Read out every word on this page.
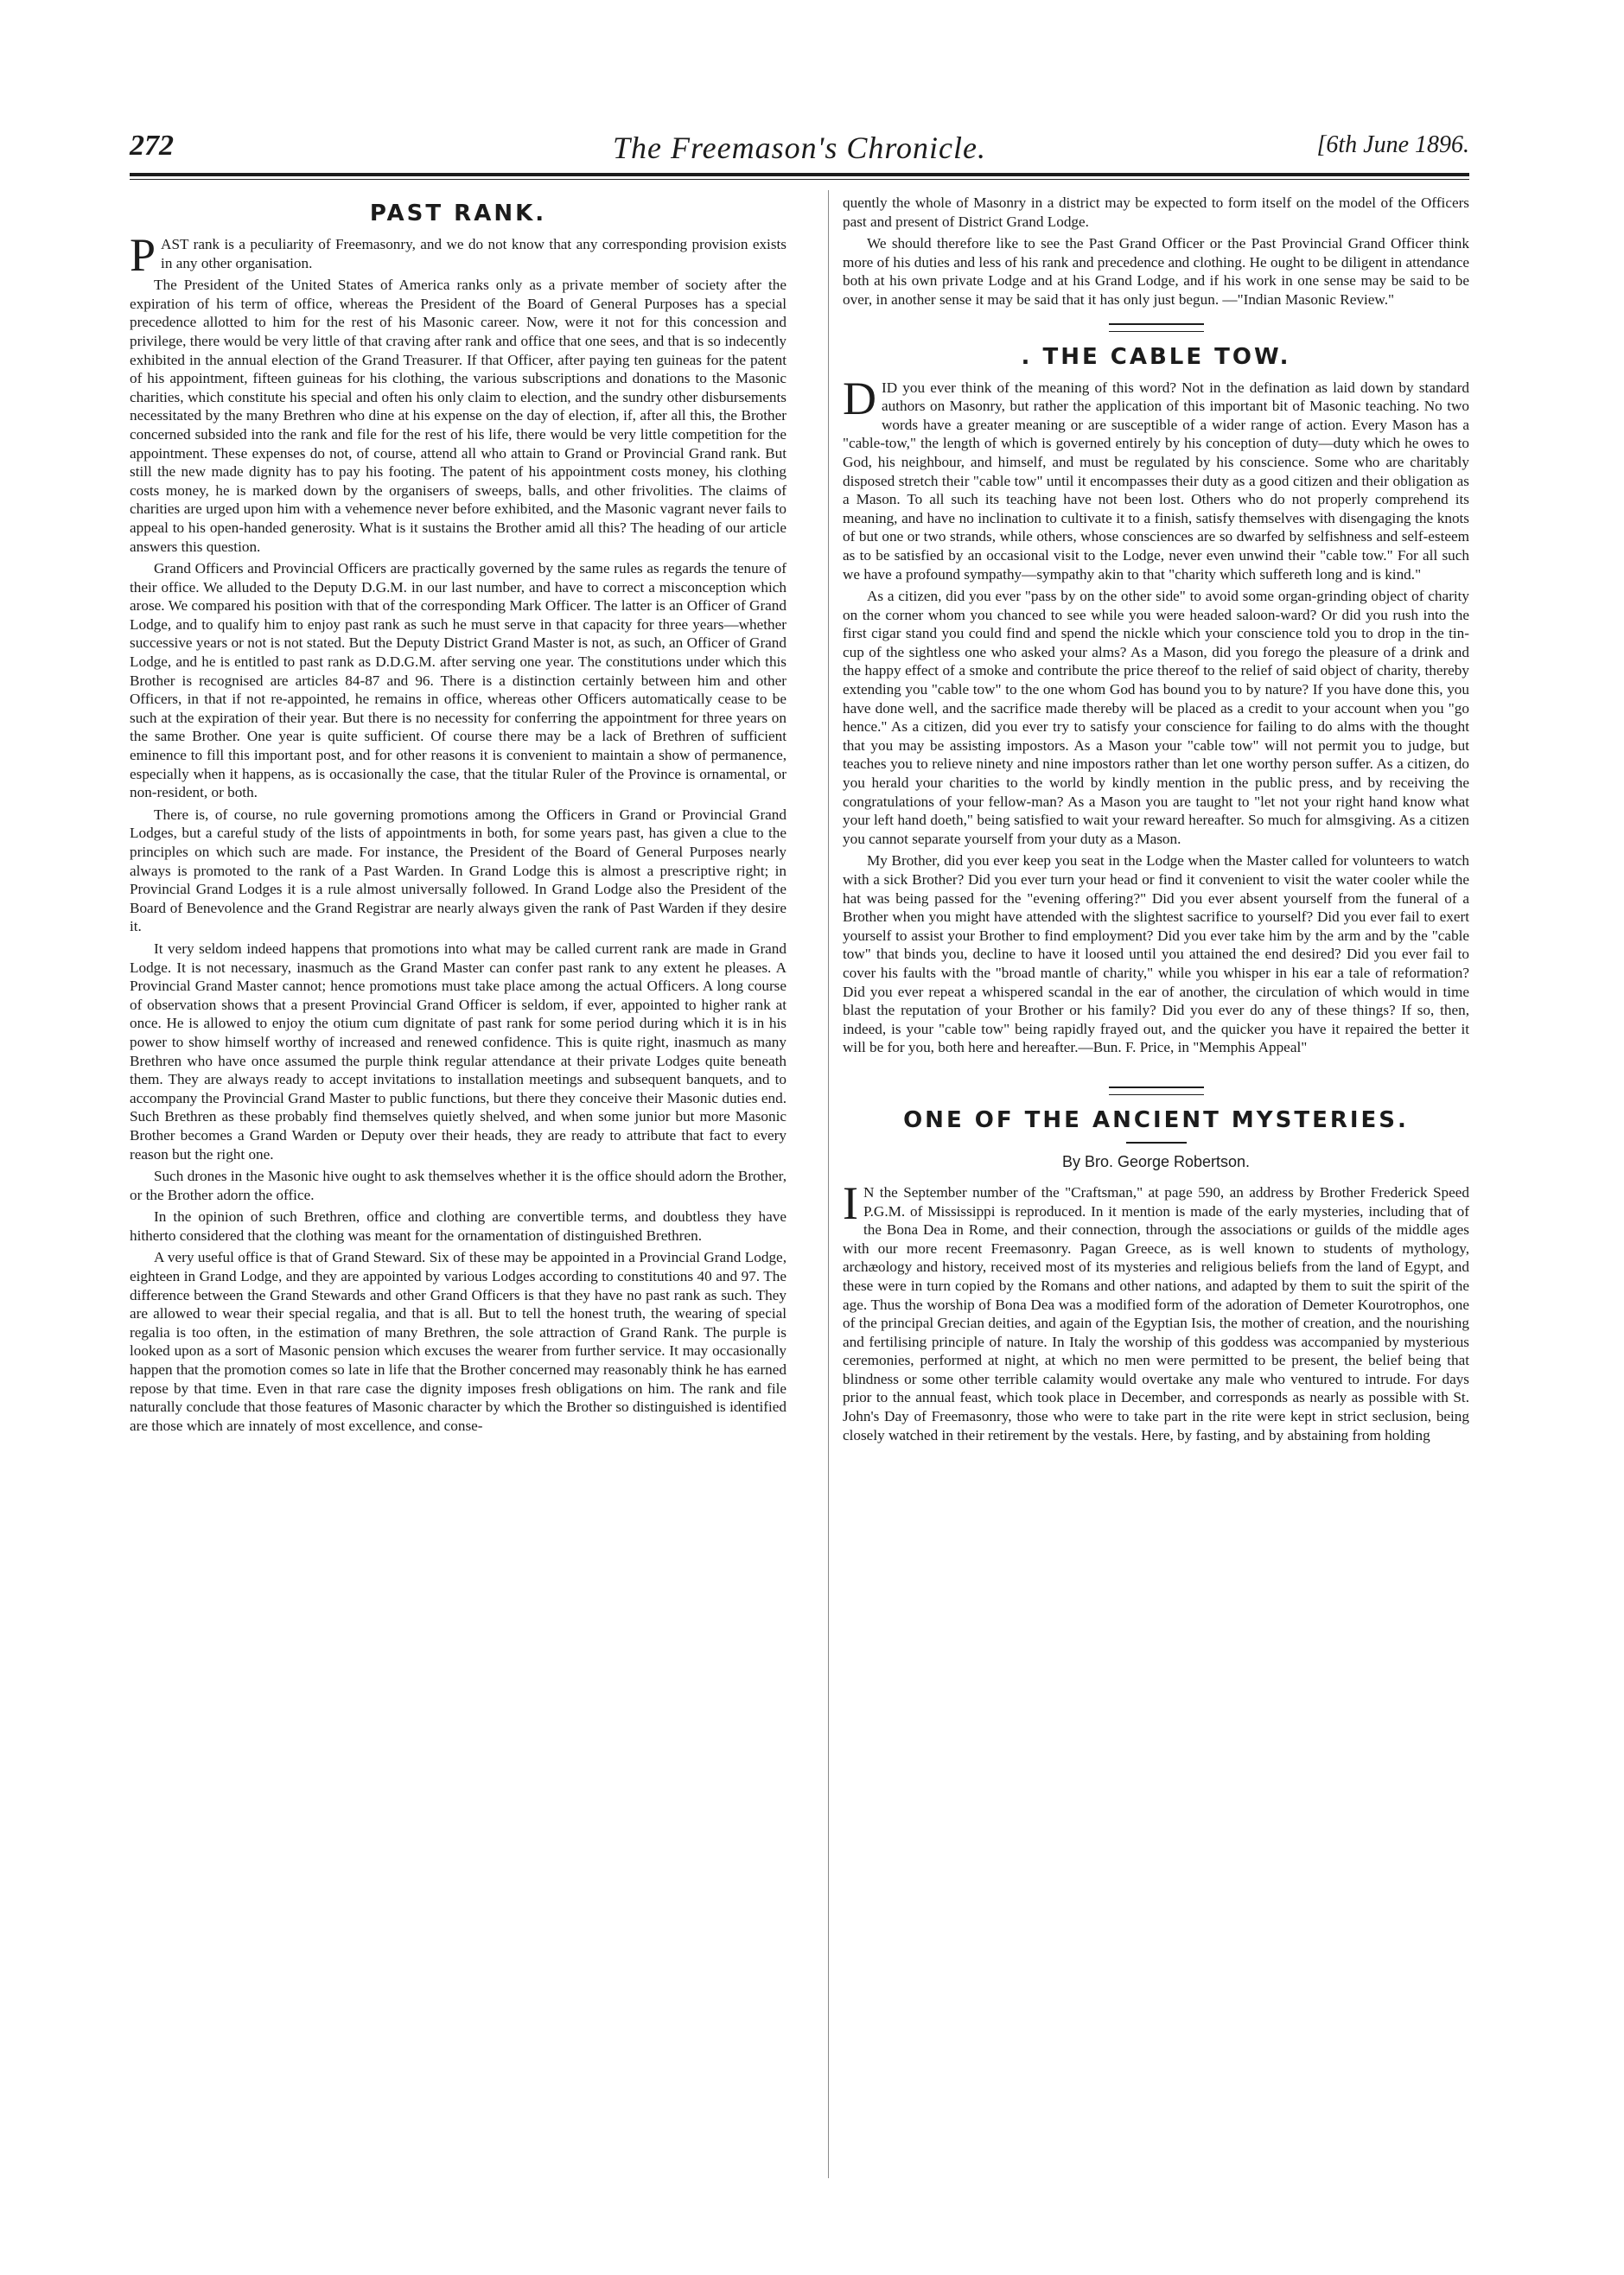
272	The Freemason's Chronicle.	[6th June 1896.
PAST RANK.

PAST rank is a peculiarity of Freemasonry, and we do not know that any corresponding provision exists in any other organisation.

The President of the United States of America ranks only as a private member of society after the expiration of his term of office, whereas the President of the Board of General Purposes has a special precedence allotted to him for the rest of his Masonic career. Now, were it not for this concession and privilege, there would be very little of that craving after rank and office that one sees, and that is so indecently exhibited in the annual election of the Grand Treasurer. If that Officer, after paying ten guineas for the patent of his appointment, fifteen guineas for his clothing, the various subscriptions and donations to the Masonic charities, which constitute his special and often his only claim to election, and the sundry other disbursements necessitated by the many Brethren who dine at his expense on the day of election, if, after all this, the Brother concerned subsided into the rank and file for the rest of his life, there would be very little competition for the appointment. These expenses do not, of course, attend all who attain to Grand or Provincial Grand rank. But still the new made dignity has to pay his footing. The patent of his appointment costs money, his clothing costs money, he is marked down by the organisers of sweeps, balls, and other frivolities. The claims of charities are urged upon him with a vehemence never before exhibited, and the Masonic vagrant never fails to appeal to his open-handed generosity. What is it sustains the Brother amid all this? The heading of our article answers this question.

Grand Officers and Provincial Officers are practically governed by the same rules as regards the tenure of their office. We alluded to the Deputy D.G.M. in our last number, and have to correct a misconception which arose. We compared his position with that of the corresponding Mark Officer. The latter is an Officer of Grand Lodge, and to qualify him to enjoy past rank as such he must serve in that capacity for three years—whether successive years or not is not stated. But the Deputy District Grand Master is not, as such, an Officer of Grand Lodge, and he is entitled to past rank as D.D.G.M. after serving one year. The constitutions under which this Brother is recognised are articles 84-87 and 96. There is a distinction certainly between him and other Officers, in that if not re-appointed, he remains in office, whereas other Officers automatically cease to be such at the expiration of their year. But there is no necessity for conferring the appointment for three years on the same Brother. One year is quite sufficient. Of course there may be a lack of Brethren of sufficient eminence to fill this important post, and for other reasons it is convenient to maintain a show of permanence, especially when it happens, as is occasionally the case, that the titular Ruler of the Province is ornamental, or non-resident, or both.

There is, of course, no rule governing promotions among the Officers in Grand or Provincial Grand Lodges, but a careful study of the lists of appointments in both, for some years past, has given a clue to the principles on which such are made. For instance, the President of the Board of General Purposes nearly always is promoted to the rank of a Past Warden. In Grand Lodge this is almost a prescriptive right; in Provincial Grand Lodges it is a rule almost universally followed. In Grand Lodge also the President of the Board of Benevolence and the Grand Registrar are nearly always given the rank of Past Warden if they desire it.

It very seldom indeed happens that promotions into what may be called current rank are made in Grand Lodge. It is not necessary, inasmuch as the Grand Master can confer past rank to any extent he pleases. A Provincial Grand Master cannot; hence promotions must take place among the actual Officers. A long course of observation shows that a present Provincial Grand Officer is seldom, if ever, appointed to higher rank at once. He is allowed to enjoy the otium cum dignitate of past rank for some period during which it is in his power to show himself worthy of increased and renewed confidence. This is quite right, inasmuch as many Brethren who have once assumed the purple think regular attendance at their private Lodges quite beneath them. They are always ready to accept invitations to installation meetings and subsequent banquets, and to accompany the Provincial Grand Master to public functions, but there they conceive their Masonic duties end. Such Brethren as these probably find themselves quietly shelved, and when some junior but more Masonic Brother becomes a Grand Warden or Deputy over their heads, they are ready to attribute that fact to every reason but the right one.

Such drones in the Masonic hive ought to ask themselves whether it is the office should adorn the Brother, or the Brother adorn the office.

In the opinion of such Brethren, office and clothing are convertible terms, and doubtless they have hitherto considered that the clothing was meant for the ornamentation of distinguished Brethren.

A very useful office is that of Grand Steward. Six of these may be appointed in a Provincial Grand Lodge, eighteen in Grand Lodge, and they are appointed by various Lodges according to constitutions 40 and 97. The difference between the Grand Stewards and other Grand Officers is that they have no past rank as such. They are allowed to wear their special regalia, and that is all. But to tell the honest truth, the wearing of special regalia is too often, in the estimation of many Brethren, the sole attraction of Grand Rank. The purple is looked upon as a sort of Masonic pension which excuses the wearer from further service. It may occasionally happen that the promotion comes so late in life that the Brother concerned may reasonably think he has earned repose by that time. Even in that rare case the dignity imposes fresh obligations on him. The rank and file naturally conclude that those features of Masonic character by which the Brother so distinguished is identified are those which are innately of most excellence, and conse-

quently the whole of Masonry in a district may be expected to form itself on the model of the Officers past and present of District Grand Lodge.

We should therefore like to see the Past Grand Officer or the Past Provincial Grand Officer think more of his duties and less of his rank and precedence and clothing. He ought to be diligent in attendance both at his own private Lodge and at his Grand Lodge, and if his work in one sense may be said to be over, in another sense it may be said that it has only just begun. —"Indian Masonic Review."

. THE CABLE TOW.

DID you ever think of the meaning of this word? Not in the defination as laid down by standard authors on Masonry, but rather the application of this important bit of Masonic teaching. No two words have a greater meaning or are susceptible of a wider range of action. Every Mason has a "cable-tow," the length of which is governed entirely by his conception of duty—duty which he owes to God, his neighbour, and himself, and must be regulated by his conscience. Some who are charitably disposed stretch their "cable tow" until it encompasses their duty as a good citizen and their obligation as a Mason. To all such its teaching have not been lost. Others who do not properly comprehend its meaning, and have no inclination to cultivate it to a finish, satisfy themselves with disengaging the knots of but one or two strands, while others, whose consciences are so dwarfed by selfishness and self-esteem as to be satisfied by an occasional visit to the Lodge, never even unwind their "cable tow." For all such we have a profound sympathy—sympathy akin to that "charity which suffereth long and is kind."

As a citizen, did you ever "pass by on the other side" to avoid some organ-grinding object of charity on the corner whom you chanced to see while you were headed saloon-ward? Or did you rush into the first cigar stand you could find and spend the nickle which your conscience told you to drop in the tin-cup of the sightless one who asked your alms? As a Mason, did you forego the pleasure of a drink and the happy effect of a smoke and contribute the price thereof to the relief of said object of charity, thereby extending you "cable tow" to the one whom God has bound you to by nature? If you have done this, you have done well, and the sacrifice made thereby will be placed as a credit to your account when you "go hence." As a citizen, did you ever try to satisfy your conscience for failing to do alms with the thought that you may be assisting impostors. As a Mason your "cable tow" will not permit you to judge, but teaches you to relieve ninety and nine impostors rather than let one worthy person suffer. As a citizen, do you herald your charities to the world by kindly mention in the public press, and by receiving the congratulations of your fellow-man? As a Mason you are taught to "let not your right hand know what your left hand doeth," being satisfied to wait your reward hereafter. So much for almsgiving. As a citizen you cannot separate yourself from your duty as a Mason.

My Brother, did you ever keep you seat in the Lodge when the Master called for volunteers to watch with a sick Brother? Did you ever turn your head or find it convenient to visit the water cooler while the hat was being passed for the "evening offering?" Did you ever absent yourself from the funeral of a Brother when you might have attended with the slightest sacrifice to yourself? Did you ever fail to exert yourself to assist your Brother to find employment? Did you ever take him by the arm and by the "cable tow" that binds you, decline to have it loosed until you attained the end desired? Did you ever fail to cover his faults with the "broad mantle of charity," while you whisper in his ear a tale of reformation? Did you ever repeat a whispered scandal in the ear of another, the circulation of which would in time blast the reputation of your Brother or his family? Did you ever do any of these things? If so, then, indeed, is your "cable tow" being rapidly frayed out, and the quicker you have it repaired the better it will be for you, both here and hereafter.—Bun. F. Price, in "Memphis Appeal"

ONE OF THE ANCIENT MYSTERIES.
By Bro. George Robertson.

I N the September number of the "Craftsman," at page 590, an address by Brother Frederick Speed P.G.M. of Mississippi is reproduced. In it mention is made of the early mysteries, including that of the Bona Dea in Rome, and their connection, through the associations or guilds of the middle ages with our more recent Freemasonry. Pagan Greece, as is well known to students of mythology, archæology and history, received most of its mysteries and religious beliefs from the land of Egypt, and these were in turn copied by the Romans and other nations, and adapted by them to suit the spirit of the age. Thus the worship of Bona Dea was a modified form of the adoration of Demeter Kourotrophos, one of the principal Grecian deities, and again of the Egyptian Isis, the mother of creation, and the nourishing and fertilising principle of nature. In Italy the worship of this goddess was accompanied by mysterious ceremonies, performed at night, at which no men were permitted to be present, the belief being that blindness or some other terrible calamity would overtake any male who ventured to intrude. For days prior to the annual feast, which took place in December, and corresponds as nearly as possible with St. John's Day of Freemasonry, those who were to take part in the rite were kept in strict seclusion, being closely watched in their retirement by the vestals. Here, by fasting, and by abstaining from holding
